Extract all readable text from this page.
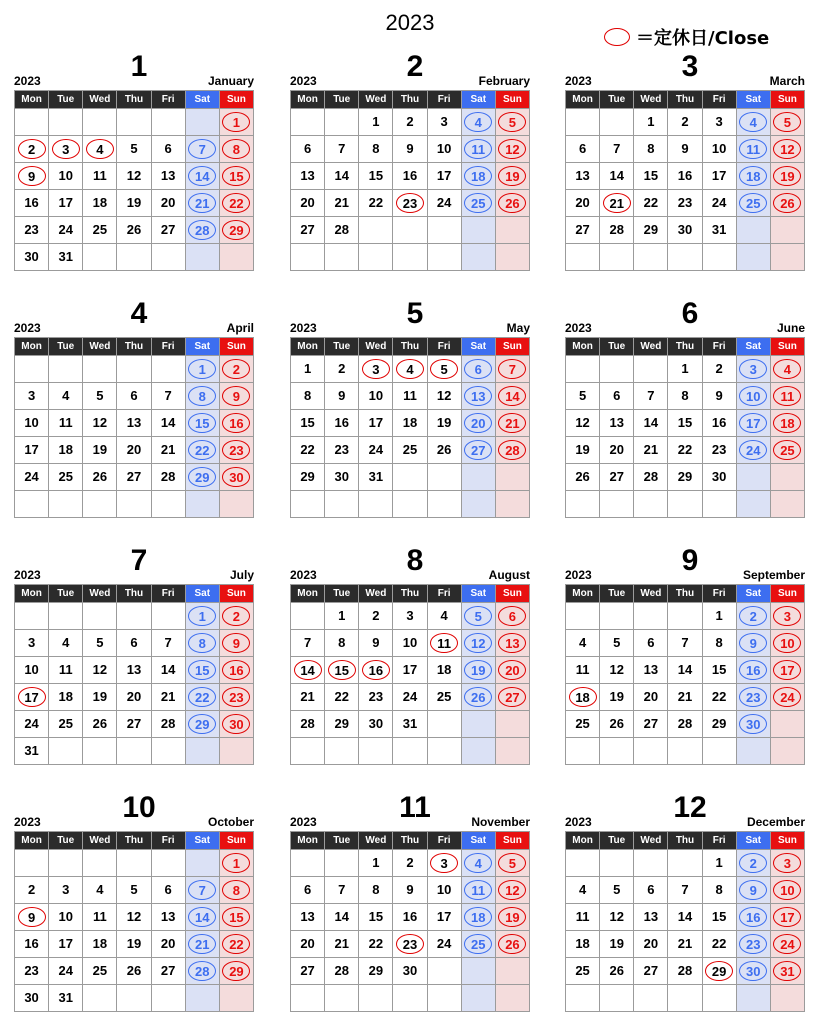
2023
＝定休日/Close
2023	1	January
Mon	Tue	Wed	Thu	Fri	Sat	Sun
						1
2	3	4	5	6	7	8
9	10	11	12	13	14	15
16	17	18	19	20	21	22
23	24	25	26	27	28	29
30	31					
2023	2	February
Mon	Tue	Wed	Thu	Fri	Sat	Sun
		1	2	3	4	5
6	7	8	9	10	11	12
13	14	15	16	17	18	19
20	21	22	23	24	25	26
27	28					

2023	3	March
Mon	Tue	Wed	Thu	Fri	Sat	Sun
		1	2	3	4	5
6	7	8	9	10	11	12
13	14	15	16	17	18	19
20	21	22	23	24	25	26
27	28	29	30	31		

2023	4	April
Mon	Tue	Wed	Thu	Fri	Sat	Sun
					1	2
3	4	5	6	7	8	9
10	11	12	13	14	15	16
17	18	19	20	21	22	23
24	25	26	27	28	29	30

2023	5	May
Mon	Tue	Wed	Thu	Fri	Sat	Sun
1	2	3	4	5	6	7
8	9	10	11	12	13	14
15	16	17	18	19	20	21
22	23	24	25	26	27	28
29	30	31				

2023	6	June
Mon	Tue	Wed	Thu	Fri	Sat	Sun
			1	2	3	4
5	6	7	8	9	10	11
12	13	14	15	16	17	18
19	20	21	22	23	24	25
26	27	28	29	30		

2023	7	July
Mon	Tue	Wed	Thu	Fri	Sat	Sun
					1	2
3	4	5	6	7	8	9
10	11	12	13	14	15	16
17	18	19	20	21	22	23
24	25	26	27	28	29	30
31						
2023	8	August
Mon	Tue	Wed	Thu	Fri	Sat	Sun
	1	2	3	4	5	6
7	8	9	10	11	12	13
14	15	16	17	18	19	20
21	22	23	24	25	26	27
28	29	30	31			

2023	9	September
Mon	Tue	Wed	Thu	Fri	Sat	Sun
				1	2	3
4	5	6	7	8	9	10
11	12	13	14	15	16	17
18	19	20	21	22	23	24
25	26	27	28	29	30	

2023	10	October
Mon	Tue	Wed	Thu	Fri	Sat	Sun
						1
2	3	4	5	6	7	8
9	10	11	12	13	14	15
16	17	18	19	20	21	22
23	24	25	26	27	28	29
30	31					
2023	11	November
Mon	Tue	Wed	Thu	Fri	Sat	Sun
		1	2	3	4	5
6	7	8	9	10	11	12
13	14	15	16	17	18	19
20	21	22	23	24	25	26
27	28	29	30			

2023	12	December
Mon	Tue	Wed	Thu	Fri	Sat	Sun
				1	2	3
4	5	6	7	8	9	10
11	12	13	14	15	16	17
18	19	20	21	22	23	24
25	26	27	28	29	30	31
